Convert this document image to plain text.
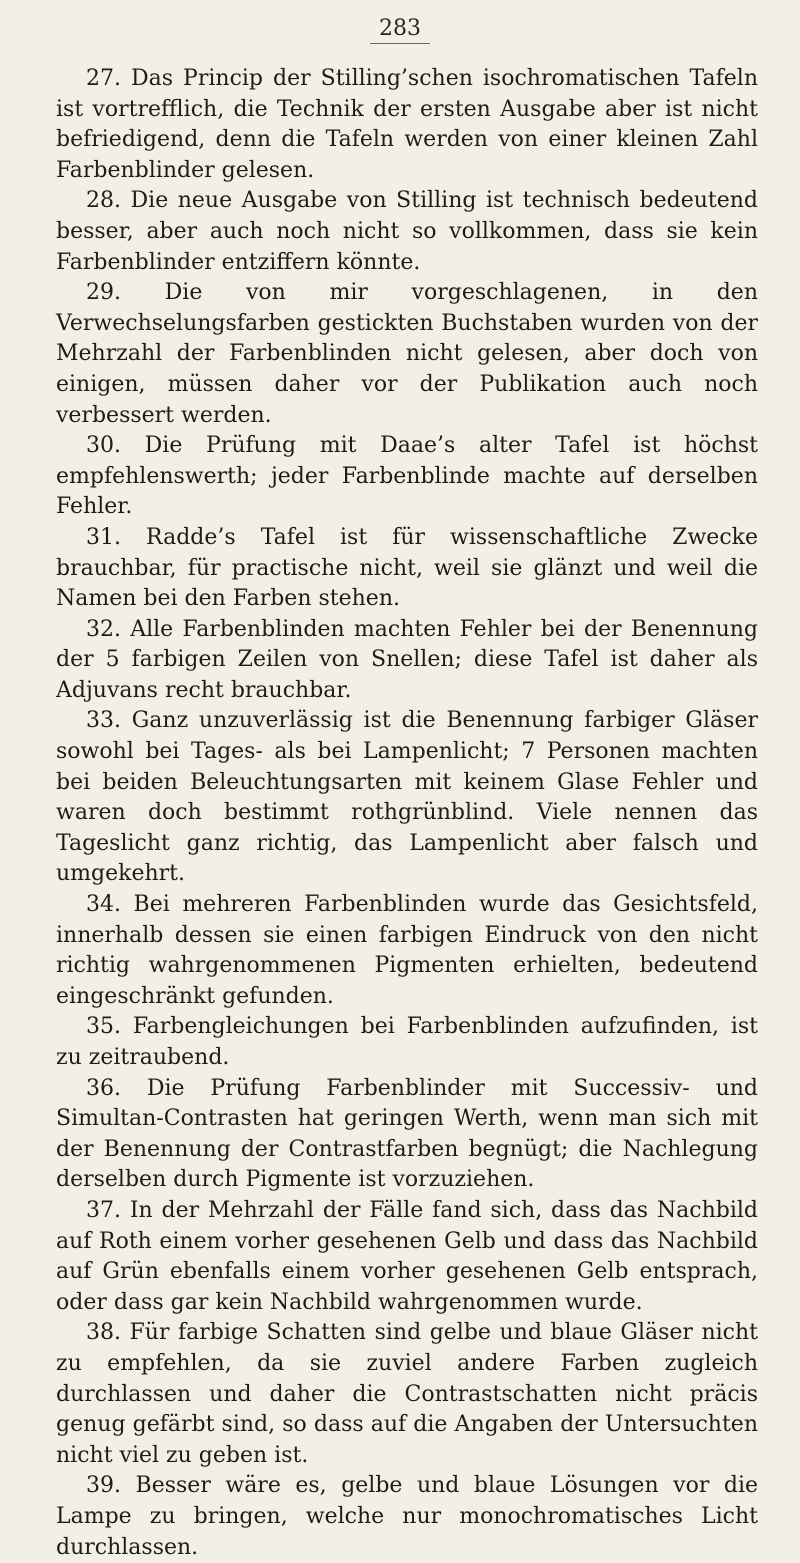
283

27. Das Princip der Stilling’schen isochromatischen Tafeln ist vortrefflich, die Technik der ersten Ausgabe aber ist nicht befriedigend, denn die Tafeln werden von einer kleinen Zahl Farbenblinder gelesen.

28. Die neue Ausgabe von Stilling ist technisch bedeutend besser, aber auch noch nicht so vollkommen, dass sie kein Farbenblinder entziffern könnte.

29. Die von mir vorgeschlagenen, in den Verwechselungsfarben gestickten Buchstaben wurden von der Mehrzahl der Farbenblinden nicht gelesen, aber doch von einigen, müssen daher vor der Publikation auch noch verbessert werden.

30. Die Prüfung mit Daae’s alter Tafel ist höchst empfehlenswerth; jeder Farbenblinde machte auf derselben Fehler.

31. Radde’s Tafel ist für wissenschaftliche Zwecke brauchbar, für practische nicht, weil sie glänzt und weil die Namen bei den Farben stehen.

32. Alle Farbenblinden machten Fehler bei der Benennung der 5 farbigen Zeilen von Snellen; diese Tafel ist daher als Adjuvans recht brauchbar.

33. Ganz unzuverlässig ist die Benennung farbiger Gläser sowohl bei Tages- als bei Lampenlicht; 7 Personen machten bei beiden Beleuchtungsarten mit keinem Glase Fehler und waren doch bestimmt rothgrünblind. Viele nennen das Tageslicht ganz richtig, das Lampenlicht aber falsch und umgekehrt.

34. Bei mehreren Farbenblinden wurde das Gesichtsfeld, innerhalb dessen sie einen farbigen Eindruck von den nicht richtig wahrgenommenen Pigmenten erhielten, bedeutend eingeschränkt gefunden.

35. Farbengleichungen bei Farbenblinden aufzufinden, ist zu zeitraubend.

36. Die Prüfung Farbenblinder mit Successiv- und Simultan-Contrasten hat geringen Werth, wenn man sich mit der Benennung der Contrastfarben begnügt; die Nachlegung derselben durch Pigmente ist vorzuziehen.

37. In der Mehrzahl der Fälle fand sich, dass das Nachbild auf Roth einem vorher gesehenen Gelb und dass das Nachbild auf Grün ebenfalls einem vorher gesehenen Gelb entsprach, oder dass gar kein Nachbild wahrgenommen wurde.

38. Für farbige Schatten sind gelbe und blaue Gläser nicht zu empfehlen, da sie zuviel andere Farben zugleich durchlassen und daher die Contrastschatten nicht präcis genug gefärbt sind, so dass auf die Angaben der Untersuchten nicht viel zu geben ist.

39. Besser wäre es, gelbe und blaue Lösungen vor die Lampe zu bringen, welche nur monochromatisches Licht durchlassen.
